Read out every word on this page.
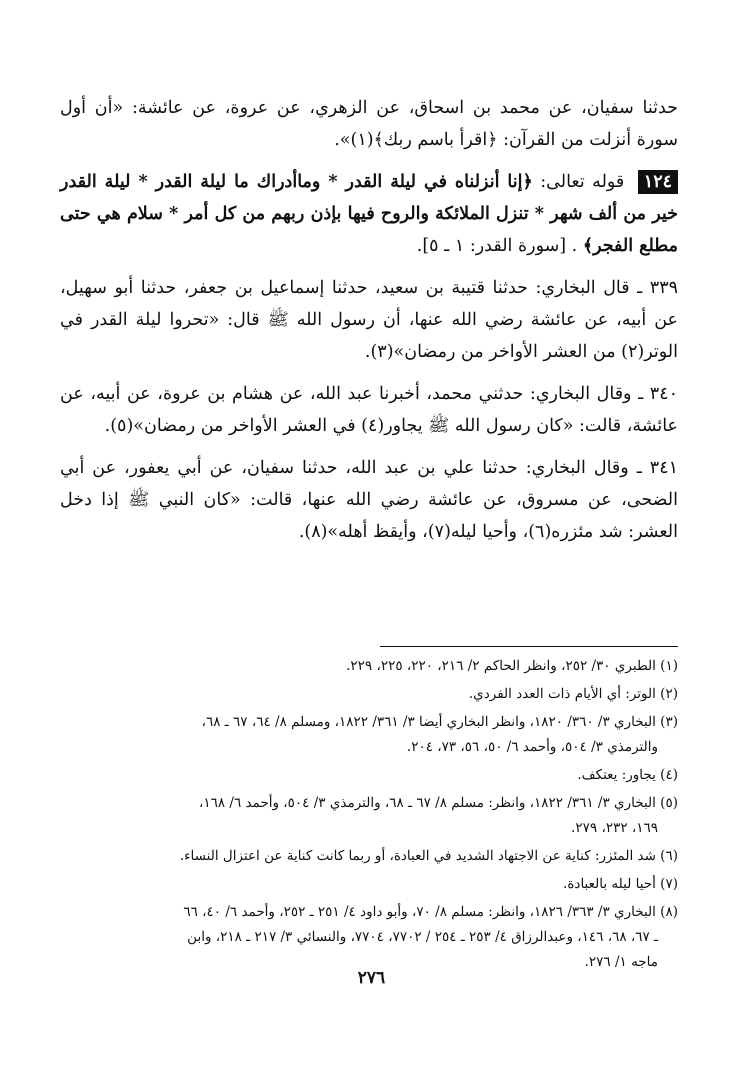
حدثنا سفيان، عن محمد بن اسحاق، عن الزهري، عن عروة، عن عائشة: «أن أول سورة أنزلت من القرآن: ﴿اقرأ باسم ربك﴾(١)».

١٢٤ قوله تعالى: ﴿إنا أنزلناه في ليلة القدر * وماأدراك ما ليلة القدر * ليلة القدر خير من ألف شهر * تنزل الملائكة والروح فيها بإذن ربهم من كل أمر * سلام هي حتى مطلع الفجر﴾ . [سورة القدر: ١ ـ ٥].

٣٣٩ ـ قال البخاري: حدثنا قتيبة بن سعيد، حدثنا إسماعيل بن جعفر، حدثنا أبو سهيل، عن أبيه، عن عائشة رضي الله عنها، أن رسول الله ﷺ قال: «تحروا ليلة القدر في الوتر(٢) من العشر الأواخر من رمضان»(٣).

٣٤٠ ـ وقال البخاري: حدثني محمد، أخبرنا عبد الله، عن هشام بن عروة، عن أبيه، عن عائشة، قالت: «كان رسول الله ﷺ يجاور(٤) في العشر الأواخر من رمضان»(٥).

٣٤١ ـ وقال البخاري: حدثنا علي بن عبد الله، حدثنا سفيان، عن أبي يعفور، عن أبي الضحى، عن مسروق، عن عائشة رضي الله عنها، قالت: «كان النبي ﷺ إذا دخل العشر: شد مئزره(٦)، وأحيا ليله(٧)، وأيقظ أهله»(٨).

(١) الطبري ٣٠/ ٢٥٢، وانظر الحاكم ٢/ ٢١٦، ٢٢٠، ٢٢٥، ٢٢٩.
(٢) الوتر: أي الأيام ذات العدد الفردي.
(٣) البخاري ٣/ ٣٦٠/ ١٨٢٠، وانظر البخاري أيضا ٣/ ٣٦١/ ١٨٢٢، ومسلم ٨/ ٦٤، ٦٧ ـ ٦٨،
والترمذي ٣/ ٥٠٤، وأحمد ٦/ ٥٠، ٥٦، ٧٣، ٢٠٤.
(٤) يجاور: يعتكف.
(٥) البخاري ٣/ ٣٦١/ ١٨٢٢، وانظر: مسلم ٨/ ٦٧ ـ ٦٨، والترمذي ٣/ ٥٠٤، وأحمد ٦/ ١٦٨،
١٦٩، ٢٣٢، ٢٧٩.
(٦) شد المئزر: كناية عن الاجتهاد الشديد في العبادة، أو ربما كانت كناية عن اعتزال النساء.
(٧) أحيا ليله بالعبادة.
(٨) البخاري ٣/ ٣٦٣/ ١٨٢٦، وانظر: مسلم ٨/ ٧٠، وأبو داود ٤/ ٢٥١ ـ ٢٥٢، وأحمد ٦/ ٤٠، ٦٦
ـ ٦٧، ٦٨، ١٤٦، وعبدالرزاق ٤/ ٢٥٣ ـ ٢٥٤ / ٧٧٠٢، ٧٧٠٤، والنسائي ٣/ ٢١٧ ـ ٢١٨، وابن
ماجه ١/ ٢٧٦.
٢٧٦
